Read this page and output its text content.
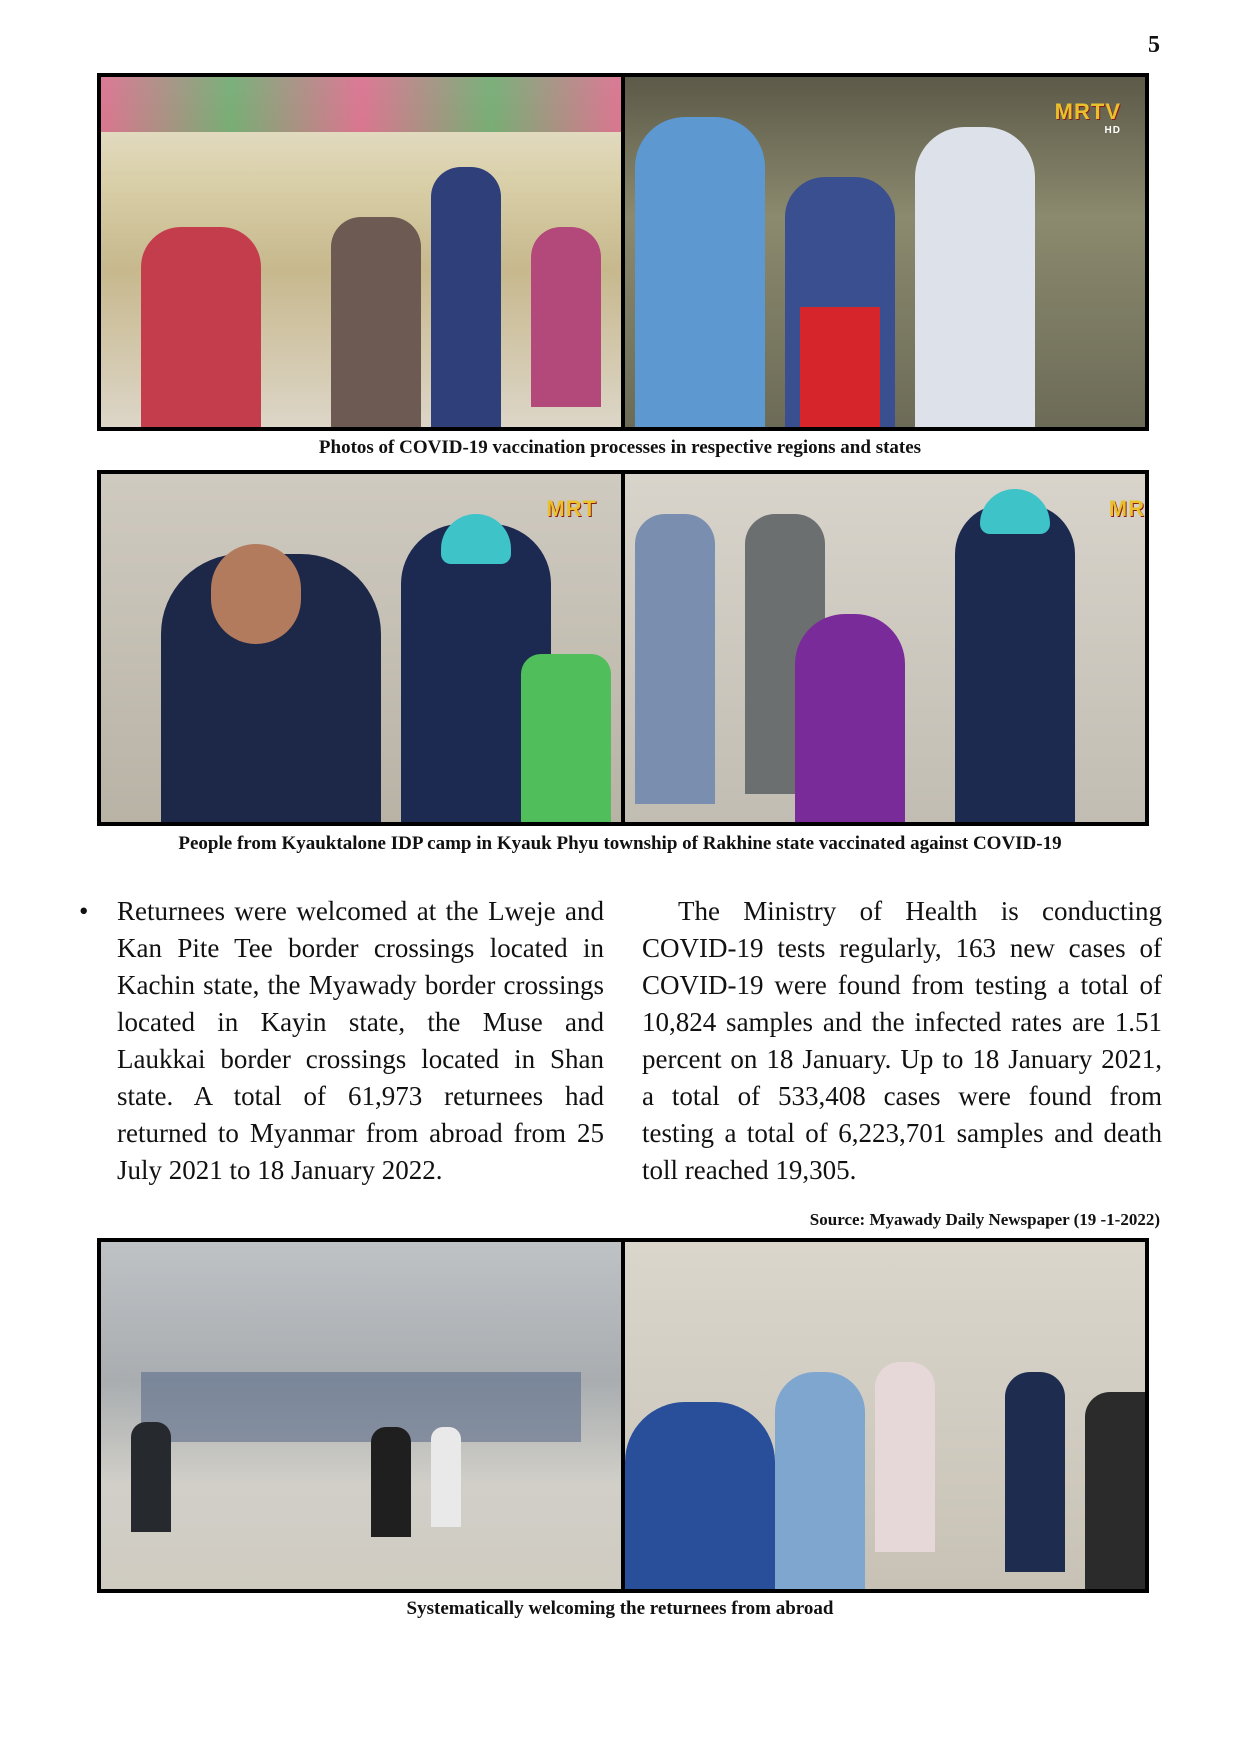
5
MRTV
HD
Photos of COVID-19 vaccination processes in respective regions and states
MRT	MR
People from Kyauktalone IDP camp in Kyauk Phyu township of Rakhine state vaccinated against COVID-19
• Returnees were welcomed at the Lweje and Kan Pite Tee border crossings located in Kachin state, the Myawady border crossings located in Kayin state, the Muse and Laukkai border crossings located in Shan state. A total of 61,973 returnees had returned to Myanmar from abroad from 25 July 2021 to 18 January 2022.
The Ministry of Health is conducting COVID-19 tests regularly, 163 new cases of COVID-19 were found from testing a total of 10,824 samples and the infected rates are 1.51 percent on 18 January. Up to 18 January 2021, a total of 533,408 cases were found from testing a total of 6,223,701 samples and death toll reached 19,305.
Source: Myawady Daily Newspaper (19 -1-2022)
Systematically welcoming the returnees from abroad
